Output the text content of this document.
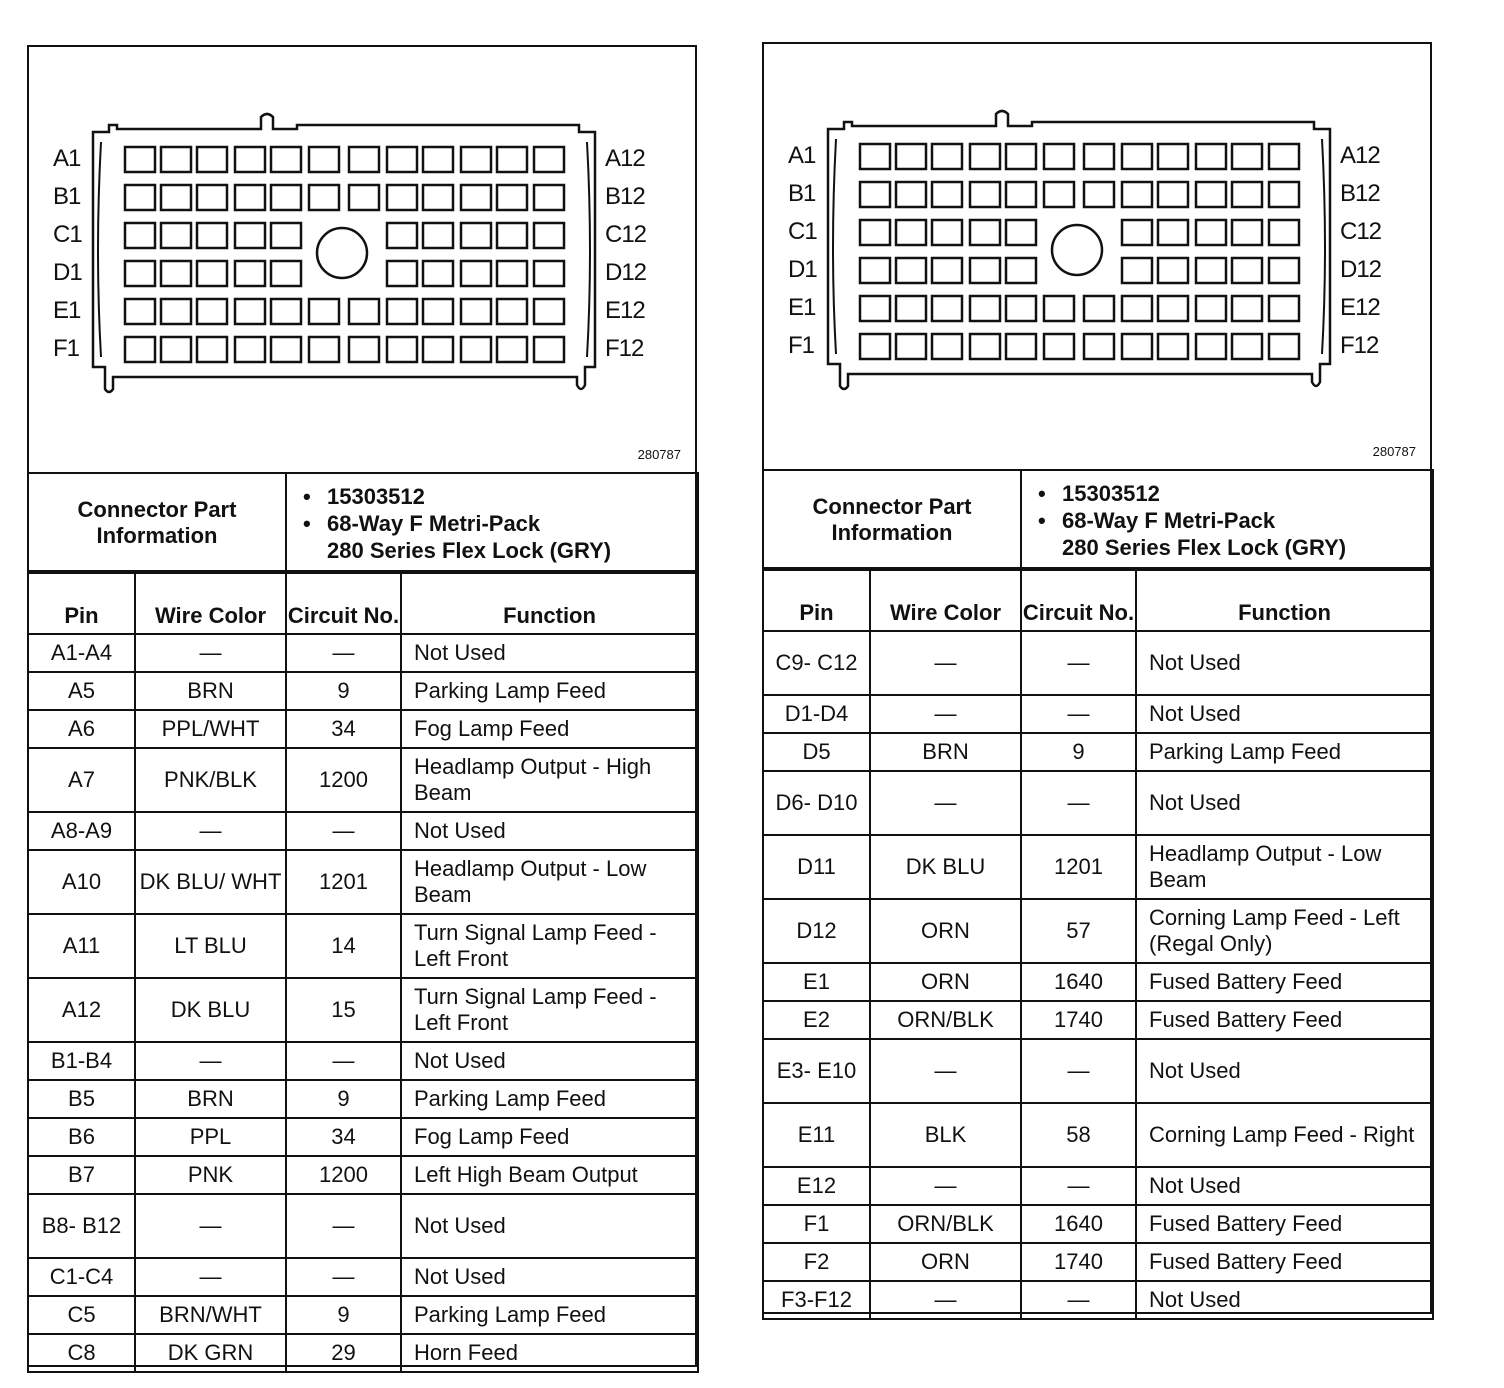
A1
B1
C1
D1
E1
F1
A12
B12
C12
D12
E12
F12
280787
Connector Part Information	
• 15303512
• 68-Way F Metri-Pack
280 Series Flex Lock (GRY)
Pin	Wire Color	Circuit No.	Function
A1-A4	—	—	Not Used
A5	BRN	9	Parking Lamp Feed
A6	PPL/WHT	34	Fog Lamp Feed
A7	PNK/BLK	1200	Headlamp Output - High Beam
A8-A9	—	—	Not Used
A10	DK BLU/ WHT	1201	Headlamp Output - Low Beam
A11	LT BLU	14	Turn Signal Lamp Feed - Left Front
A12	DK BLU	15	Turn Signal Lamp Feed - Left Front
B1-B4	—	—	Not Used
B5	BRN	9	Parking Lamp Feed
B6	PPL	34	Fog Lamp Feed
B7	PNK	1200	Left High Beam Output
B8- B12	—	—	Not Used
C1-C4	—	—	Not Used
C5	BRN/WHT	9	Parking Lamp Feed
C8	DK GRN	29	Horn Feed
A1
B1
C1
D1
E1
F1
A12
B12
C12
D12
E12
F12
280787
Connector Part Information	
• 15303512
• 68-Way F Metri-Pack
280 Series Flex Lock (GRY)
Pin	Wire Color	Circuit No.	Function
C9- C12	—	—	Not Used
D1-D4	—	—	Not Used
D5	BRN	9	Parking Lamp Feed
D6- D10	—	—	Not Used
D11	DK BLU	1201	Headlamp Output - Low Beam
D12	ORN	57	Corning Lamp Feed - Left (Regal Only)
E1	ORN	1640	Fused Battery Feed
E2	ORN/BLK	1740	Fused Battery Feed
E3- E10	—	—	Not Used
E11	BLK	58	Corning Lamp Feed - Right
E12	—	—	Not Used
F1	ORN/BLK	1640	Fused Battery Feed
F2	ORN	1740	Fused Battery Feed
F3-F12	—	—	Not Used
